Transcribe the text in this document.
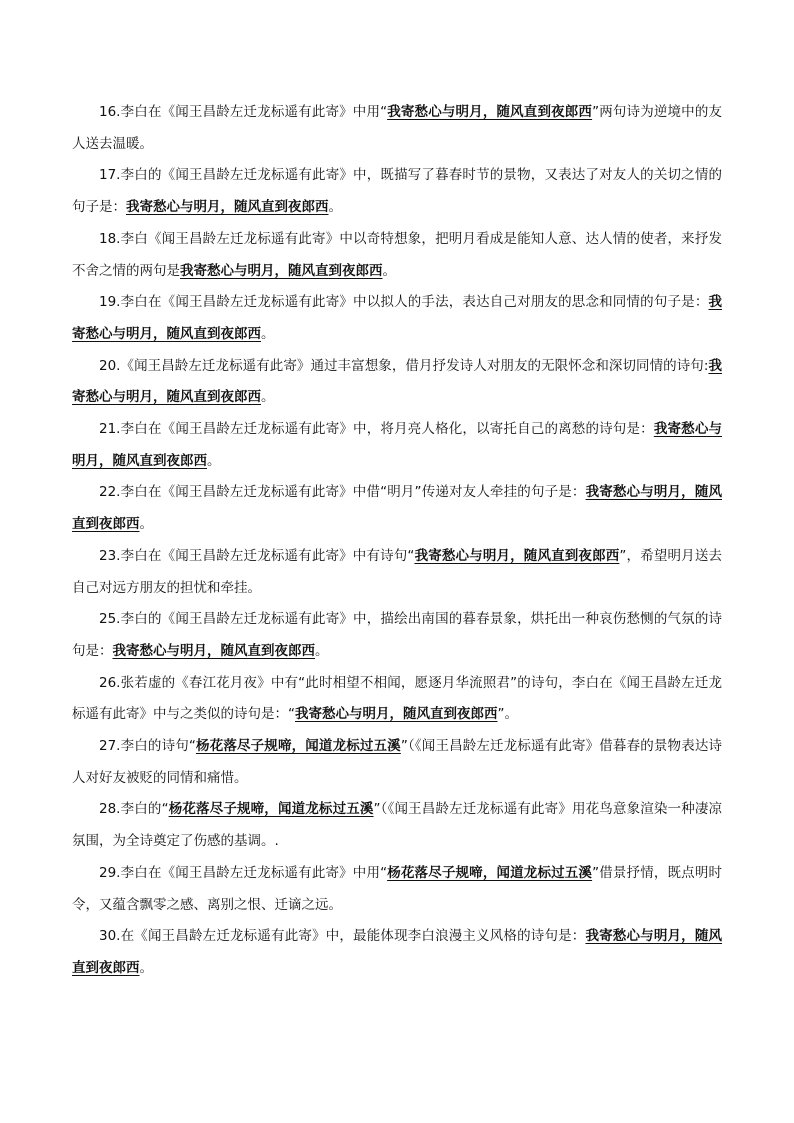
16.李白在《闻王昌龄左迁龙标遥有此寄》中用“我寄愁心与明月，随风直到夜郎西”两句诗为逆境中的友人送去温暖。

17.李白的《闻王昌龄左迁龙标遥有此寄》中，既描写了暮春时节的景物，又表达了对友人的关切之情的句子是：我寄愁心与明月，随风直到夜郎西。

18.李白《闻王昌龄左迁龙标遥有此寄》中以奇特想象，把明月看成是能知人意、达人情的使者，来抒发不舍之情的两句是我寄愁心与明月，随风直到夜郎西。

19.李白在《闻王昌龄左迁龙标遥有此寄》中以拟人的手法，表达自己对朋友的思念和同情的句子是：我寄愁心与明月，随风直到夜郎西。

20.《闻王昌龄左迁龙标遥有此寄》通过丰富想象，借月抒发诗人对朋友的无限怀念和深切同情的诗句:我寄愁心与明月，随风直到夜郎西。

21.李白在《闻王昌龄左迁龙标遥有此寄》中，将月亮人格化，以寄托自己的离愁的诗句是：我寄愁心与明月，随风直到夜郎西。

22.李白在《闻王昌龄左迁龙标遥有此寄》中借“明月”传递对友人牵挂的句子是：我寄愁心与明月，随风直到夜郎西。

23.李白在《闻王昌龄左迁龙标遥有此寄》中有诗句“我寄愁心与明月，随风直到夜郎西”，希望明月送去自己对远方朋友的担忧和牵挂。

25.李白的《闻王昌龄左迁龙标遥有此寄》中，描绘出南国的暮春景象，烘托出一种哀伤愁恻的气氛的诗句是：我寄愁心与明月，随风直到夜郎西。

26.张若虚的《春江花月夜》中有“此时相望不相闻，愿逐月华流照君”的诗句，李白在《闻王昌龄左迁龙标遥有此寄》中与之类似的诗句是：“我寄愁心与明月，随风直到夜郎西”。

27.李白的诗句“杨花落尽子规啼，闻道龙标过五溪”（《闻王昌龄左迁龙标遥有此寄》借暮春的景物表达诗人对好友被贬的同情和痛惜。

28.李白的“杨花落尽子规啼，闻道龙标过五溪”（《闻王昌龄左迁龙标遥有此寄》用花鸟意象渲染一种凄凉氛围，为全诗奠定了伤感的基调。.

29.李白在《闻王昌龄左迁龙标遥有此寄》中用“杨花落尽子规啼，闻道龙标过五溪”借景抒情，既点明时令，又蕴含飘零之感、离别之恨、迁谪之远。

30.在《闻王昌龄左迁龙标遥有此寄》中，最能体现李白浪漫主义风格的诗句是：我寄愁心与明月，随风直到夜郎西。
